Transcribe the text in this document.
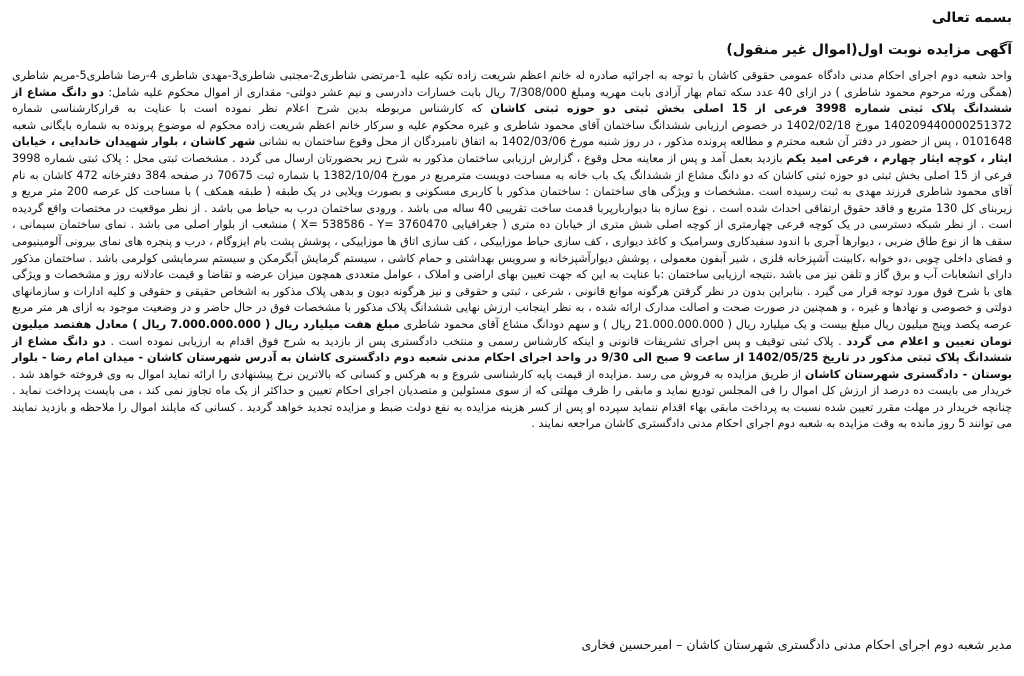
بسمه تعالی

آگهی مزایده نوبت اول(اموال غیر منقول)

واحد شعبه دوم اجرای احکام مدنی دادگاه عمومی حقوقی کاشان با توجه به اجرائیه صادره له خانم اعظم شریعت زاده تکیه علیه 1-مرتضی شاطری2-مجتبی شاطری3-مهدی شاطری 4-رضا شاطری5-مریم شاطری (همگی ورثه مرحوم محمود شاطری ) در ازای 40 عدد سکه تمام بهار آزادی بابت مهریه ومبلغ 7/308/000 ریال بابت خسارات دادرسی و نیم عشر دولتی- مقداری از اموال محکوم علیه شامل: دو دانگ مشاع از ششدانگ پلاک ثبتی شماره 3998 فرعی از 15 اصلی بخش ثبتی دو حوزه ثبتی کاشان که کارشناس مربوطه بدین شرح اعلام نظر نموده است با عنایت به قرارکارشناسی شماره 140209440000251372 مورخ 1402/02/18 در خصوص ارزیابی ششدانگ ساختمان آقای محمود شاطری و غیره محکوم علیه و سرکار خانم اعظم شریعت زاده محکوم له موضوع پرونده به شماره بایگانی شعبه 0101648 ، پس از حضور در دفتر آن شعبه محترم و مطالعه پرونده مذکور ، در روز شنبه مورخ 1402/03/06 به اتفاق نامبردگان از محل وقوع ساختمان به نشانی شهر کاشان ، بلوار شهیدان خاندایی ، خیابان ایثار ، کوچه ایثار چهارم ، فرعی امید یکم بازدید بعمل آمد و پس از معاینه محل وقوع ، گزارش ارزیابی ساختمان مذکور به شرح زیر بحضورتان ارسال می گردد . مشخصات ثبتی محل : پلاک ثبتی شماره 3998 فرعی از 15 اصلی بخش ثبتی دو حوزه ثبتی کاشان که دو دانگ مشاع از ششدانگ یک باب خانه به مساحت دویست مترمربع در مورخ 1382/10/04 با شماره ثبت 70675 در صفحه 384 دفترخانه 472 کاشان به نام آقای محمود شاطری فرزند مهدی به ثبت رسیده است .مشخصات و ویژگی های ساختمان : ساختمان مذکور با کاربری مسکونی و بصورت ویلایی در یک طبقه ( طبقه همکف ) با مساحت کل عرصه 200 متر مربع و زیربنای کل 130 متربع و فاقد حقوق ارتفاقی احداث شده است . نوع سازه بنا دیواربارپربا قدمت ساخت تقریبی 40 ساله می باشد . ورودی ساختمان درب به حیاط می باشد . از نظر موقعیت در مختصات واقع گردیده است . از نظر شبکه دسترسی در یک کوچه فرعی چهارمتری از کوچه اصلی شش متری از خیابان ده متری ( جغرافیایی X= 538586 - Y= 3760470 ) منشعب از بلوار اصلی می باشد . نمای ساختمان سیمانی ، سقف ها از نوع طاق ضربی ، دیوارها آجری با اندود سفیدکاری وسرامیک و کاغذ دیواری ، کف سازی حیاط موزاییکی ، کف سازی اتاق ها موزاییکی ، پوشش پشت بام ایزوگام ، درب و پنجره های نمای بیرونی آلومینیومی و فضای داخلی چوبی ،دو خوابه ،کابینت آشپزخانه فلزی ، شیر آبفون معمولی ، پوشش دیوارآشپزخانه و سرویس بهداشتی و حمام کاشی ، سیستم گرمایش آبگرمکن و سیستم سرمایشی کولرمی باشد . ساختمان مذکور دارای انشعابات آب و برق گاز و تلفن نیز می باشد .نتیجه ارزیابی ساختمان :با عنایت به این که جهت تعیین بهای اراضی و املاک ، عوامل متعددی همچون میزان عرضه و تقاضا و قیمت عادلانه روز و مشخصات و ویژگی های با شرح فوق مورد توجه قرار می گیرد . بنابراین بدون در نظر گرفتن هرگونه موانع قانونی ، شرعی ، ثبتی و حقوقی و نیز هرگونه دیون و بدهی پلاک مذکور به اشخاص حقیقی و حقوقی و کلیه ادارات و سازمانهای دولتی و خصوصی و نهادها و غیره ، و همچنین در صورت صحت و اصالت مدارک ارائه شده ، به نظر اینجانب ارزش نهایی ششدانگ پلاک مذکور با مشخصات فوق در حال حاضر و در وضعیت موجود به ازای هر متر مربع عرصه یکصد وپنج میلیون ریال مبلغ بیست و یک میلیارد ریال ( 21.000.000.000 ریال ) و سهم دودانگ مشاع آقای محمود شاطری مبلغ هفت میلیارد ریال ( 7.000.000.000 ریال ) معادل هفتصد میلیون تومان تعیین و اعلام می گردد . پلاک ثبتی توقیف و پس اجرای تشریفات قانونی و اینکه کارشناس رسمی و منتخب دادگستری پس از بازدید به شرح فوق اقدام به ارزیابی نموده است . دو دانگ مشاع از ششدانگ پلاک ثبتی مذکور در تاریخ 1402/05/25 از ساعت 9 صبح الی 9/30 در واحد اجرای احکام مدنی شعبه دوم دادگستری کاشان به آدرس شهرستان کاشان - میدان امام رضا - بلوار بوستان - دادگستری شهرستان کاشان از طریق مزایده به فروش می رسد .مزایده از قیمت پایه کارشناسی شروع و به هرکس و کسانی که بالاترین نرخ پیشنهادی را ارائه نماید اموال به وی فروخته خواهد شد . خریدار می بایست ده درصد از ارزش کل اموال را فی المجلس تودیع نماید و مابقی را ظرف مهلتی که از سوی مسئولین و متصدیان اجرای احکام تعیین و حداکثر از یک ماه تجاوز نمی کند ، می بایست پرداخت نماید . چنانچه خریدار در مهلت مقرر تعیین شده نسبت به پرداخت مابقی بهاء اقدام ننماید سپرده او پس از کسر هزینه مزایده به نفع دولت ضبط و مزایده تجدید خواهد گردید . کسانی که مایلند اموال را ملاحظه و بازدید نمایند می توانند 5 روز مانده به وقت مزایده به شعبه دوم اجرای احکام مدنی دادگستری کاشان مراجعه نمایند .

مدیر شعبه دوم اجرای احکام مدنی دادگستری شهرستان کاشان – امیرحسین فخاری
